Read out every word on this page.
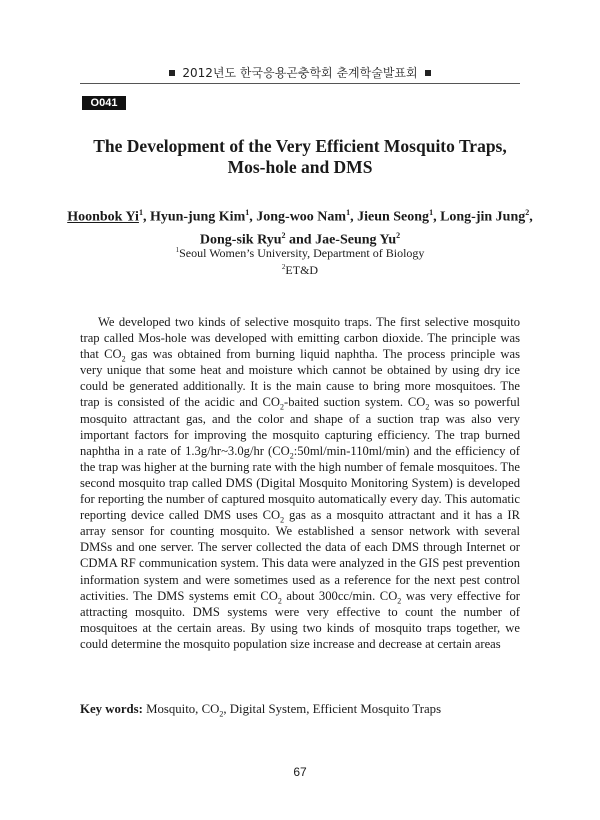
2012년도 한국응용곤충학회 춘계학술발표회
O041
The Development of the Very Efficient Mosquito Traps,
Mos-hole and DMS
Hoonbok Yi$^1$, Hyun-jung Kim$^1$, Jong-woo Nam$^1$, Jieun Seong$^1$, Long-jin Jung$^2$,
Dong-sik Ryu$^2$ and Jae-Seung Yu$^2$
$^1$Seoul Women’s University, Department of Biology
$^2$ET&D

We developed two kinds of selective mosquito traps. The first selective mosquito trap called Mos-hole was developed with emitting carbon dioxide. The principle was that $CO_2$ gas was obtained from burning liquid naphtha. The process principle was very unique that some heat and moisture which cannot be obtained by using dry ice could be generated additionally. It is the main cause to bring more mosquitoes. The trap is consisted of the acidic and $CO_2$-baited suction system. $CO_2$ was so powerful mosquito attractant gas, and the color and shape of a suction trap was also very important factors for improving the mosquito capturing efficiency. The trap burned naphtha in a rate of 1.3g/hr~3.0g/hr $(CO_2:50ml/\min-110ml/\min)$ and the efficiency of the trap was higher at the burning rate with the high number of female mosquitoes. The second mosquito trap called DMS (Digital Mosquito Monitoring System) is developed for reporting the number of captured mosquito automatically every day. This automatic reporting device called DMS uses $CO_2$ gas as a mosquito attractant and it has a IR array sensor for counting mosquito. We established a sensor network with several DMSs and one server. The server collected the data of each DMS through Internet or CDMA RF communication system. This data were analyzed in the GIS pest prevention information system and were sometimes used as a reference for the next pest control activities. The DMS systems emit $CO_2$ about 300cc/min. $CO_2$ was very effective for attracting mosquito. DMS systems were very effective to count the number of mosquitoes at the certain areas. By using two kinds of mosquito traps together, we could determine the mosquito population size increase and decrease at certain areas

Key words: Mosquito, $CO_2$, Digital System, Efficient Mosquito Traps
67
